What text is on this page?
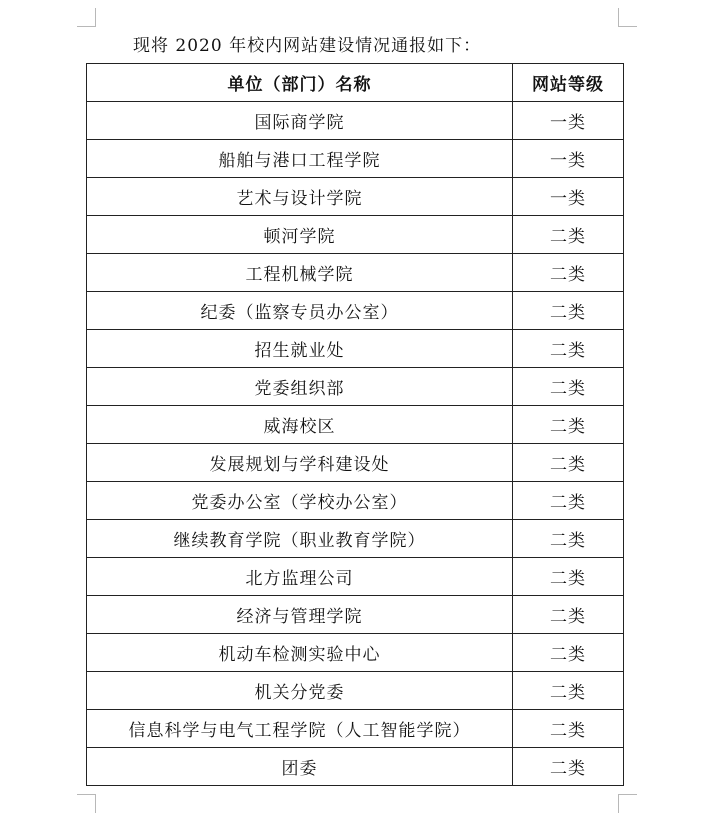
现将 2020 年校内网站建设情况通报如下：
单位（部门）名称	网站等级
国际商学院	一类
船舶与港口工程学院	一类
艺术与设计学院	一类
顿河学院	二类
工程机械学院	二类
纪委（监察专员办公室）	二类
招生就业处	二类
党委组织部	二类
威海校区	二类
发展规划与学科建设处	二类
党委办公室（学校办公室）	二类
继续教育学院（职业教育学院）	二类
北方监理公司	二类
经济与管理学院	二类
机动车检测实验中心	二类
机关分党委	二类
信息科学与电气工程学院（人工智能学院）	二类
团委	二类
